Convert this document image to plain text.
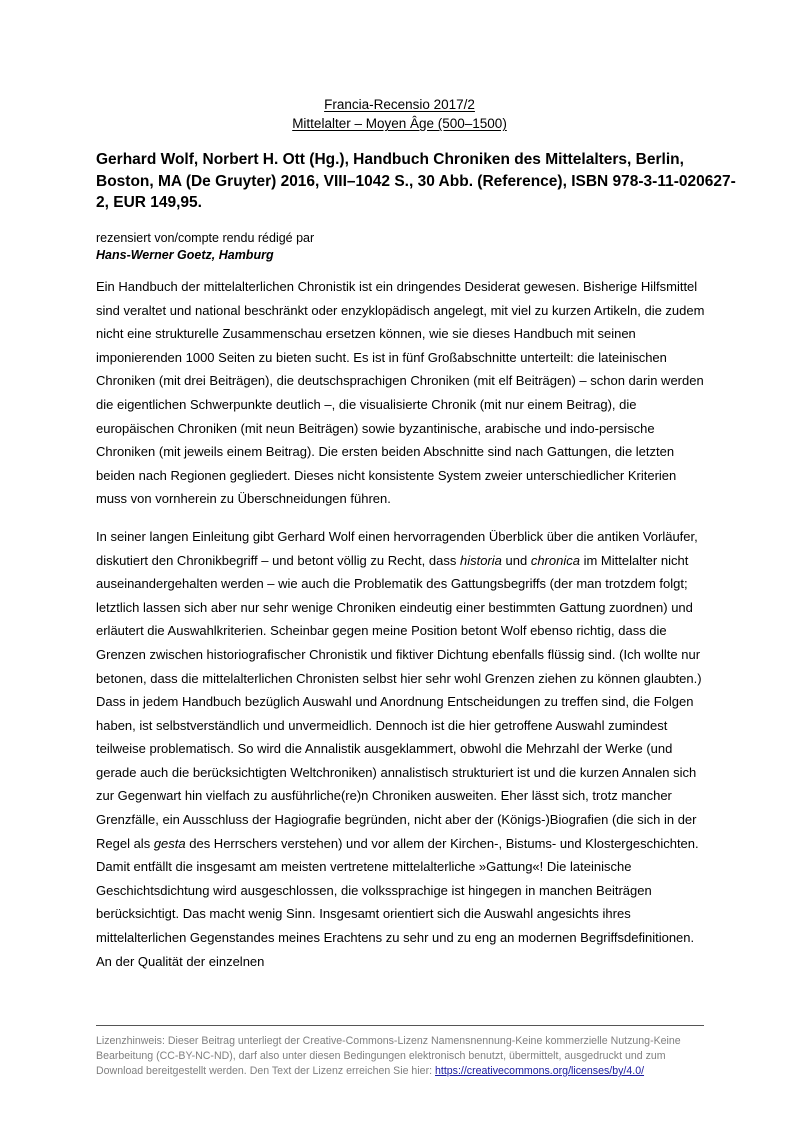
Francia-Recensio 2017/2
Mittelalter – Moyen Âge (500–1500)
Gerhard Wolf, Norbert H. Ott (Hg.), Handbuch Chroniken des Mittelalters, Berlin, Boston, MA (De Gruyter) 2016, VIII–1042 S., 30 Abb. (Reference), ISBN 978-3-11-020627-2, EUR 149,95.
rezensiert von/compte rendu rédigé par
Hans-Werner Goetz, Hamburg

Ein Handbuch der mittelalterlichen Chronistik ist ein dringendes Desiderat gewesen. Bisherige Hilfsmittel sind veraltet und national beschränkt oder enzyklopädisch angelegt, mit viel zu kurzen Artikeln, die zudem nicht eine strukturelle Zusammenschau ersetzen können, wie sie dieses Handbuch mit seinen imponierenden 1000 Seiten zu bieten sucht. Es ist in fünf Großabschnitte unterteilt: die lateinischen Chroniken (mit drei Beiträgen), die deutschsprachigen Chroniken (mit elf Beiträgen) – schon darin werden die eigentlichen Schwerpunkte deutlich –, die visualisierte Chronik (mit nur einem Beitrag), die europäischen Chroniken (mit neun Beiträgen) sowie byzantinische, arabische und indo-persische Chroniken (mit jeweils einem Beitrag). Die ersten beiden Abschnitte sind nach Gattungen, die letzten beiden nach Regionen gegliedert. Dieses nicht konsistente System zweier unterschiedlicher Kriterien muss von vornherein zu Überschneidungen führen.

In seiner langen Einleitung gibt Gerhard Wolf einen hervorragenden Überblick über die antiken Vorläufer, diskutiert den Chronikbegriff – und betont völlig zu Recht, dass historia und chronica im Mittelalter nicht auseinandergehalten werden – wie auch die Problematik des Gattungsbegriffs (der man trotzdem folgt; letztlich lassen sich aber nur sehr wenige Chroniken eindeutig einer bestimmten Gattung zuordnen) und erläutert die Auswahlkriterien. Scheinbar gegen meine Position betont Wolf ebenso richtig, dass die Grenzen zwischen historiografischer Chronistik und fiktiver Dichtung ebenfalls flüssig sind. (Ich wollte nur betonen, dass die mittelalterlichen Chronisten selbst hier sehr wohl Grenzen ziehen zu können glaubten.) Dass in jedem Handbuch bezüglich Auswahl und Anordnung Entscheidungen zu treffen sind, die Folgen haben, ist selbstverständlich und unvermeidlich. Dennoch ist die hier getroffene Auswahl zumindest teilweise problematisch. So wird die Annalistik ausgeklammert, obwohl die Mehrzahl der Werke (und gerade auch die berücksichtigten Weltchroniken) annalistisch strukturiert ist und die kurzen Annalen sich zur Gegenwart hin vielfach zu ausführliche(re)n Chroniken ausweiten. Eher lässt sich, trotz mancher Grenzfälle, ein Ausschluss der Hagiografie begründen, nicht aber der (Königs-)Biografien (die sich in der Regel als gesta des Herrschers verstehen) und vor allem der Kirchen-, Bistums- und Klostergeschichten. Damit entfällt die insgesamt am meisten vertretene mittelalterliche »Gattung«! Die lateinische Geschichtsdichtung wird ausgeschlossen, die volkssprachige ist hingegen in manchen Beiträgen berücksichtigt. Das macht wenig Sinn. Insgesamt orientiert sich die Auswahl angesichts ihres mittelalterlichen Gegenstandes meines Erachtens zu sehr und zu eng an modernen Begriffsdefinitionen. An der Qualität der einzelnen

Lizenzhinweis: Dieser Beitrag unterliegt der Creative-Commons-Lizenz Namensnennung-Keine kommerzielle Nutzung-Keine Bearbeitung (CC-BY-NC-ND), darf also unter diesen Bedingungen elektronisch benutzt, übermittelt, ausgedruckt und zum Download bereitgestellt werden. Den Text der Lizenz erreichen Sie hier: https://creativecommons.org/licenses/by/4.0/
